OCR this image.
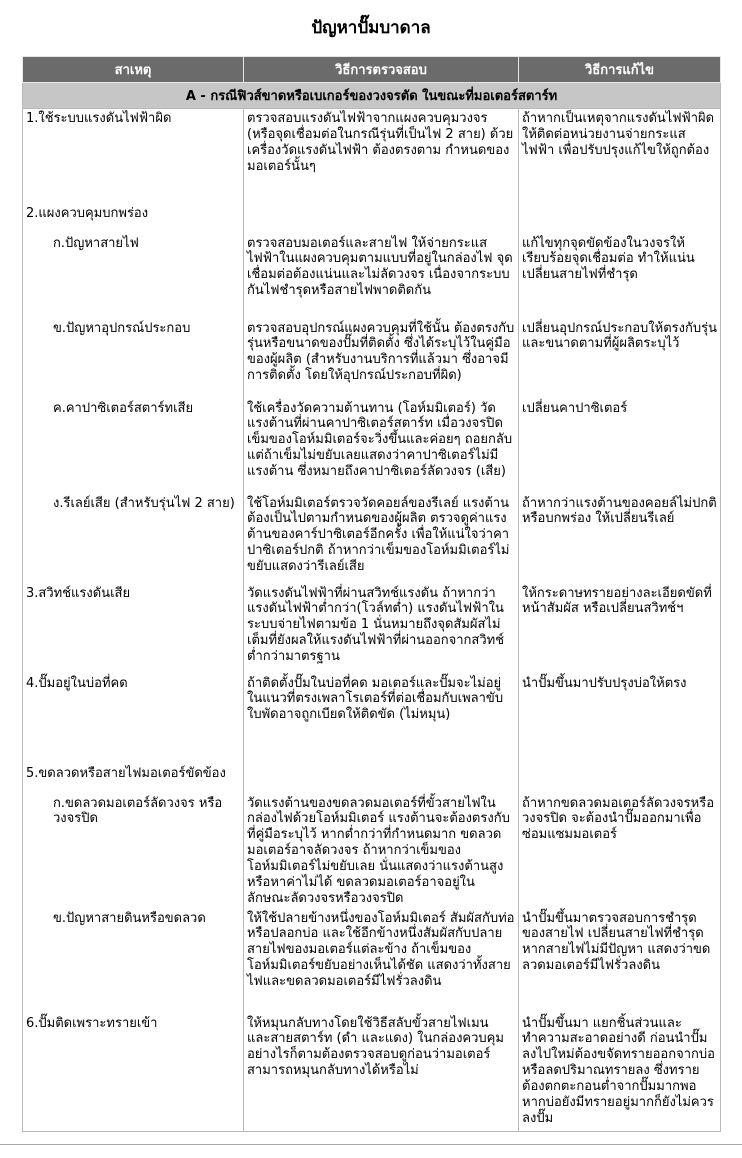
ปัญหาปั๊มบาดาล
สาเหตุ	วิธีการตรวจสอบ	วิธีการแก้ไข
A - กรณีฟิวส์ขาดหรือเบเกอร์ของวงจรตัด ในขณะที่มอเตอร์สตาร์ท		
1.ใช้ระบบแรงดันไฟฟ้าผิด	ตรวจสอบแรงดันไฟฟ้าจากแผงควบคุมวงจร (หรือจุดเชื่อมต่อในกรณีรุ่นที่เป็นไฟ 2 สาย) ด้วยเครื่องวัดแรงดันไฟฟ้า ต้องตรงตาม กำหนดของมอเตอร์นั้นๆ	ถ้าหากเป็นเหตุจากแรงดันไฟฟ้าผิด ให้ติดต่อหน่วยงานจ่ายกระแสไฟฟ้า เพื่อปรับปรุงแก้ไขให้ถูกต้อง
2.แผงควบคุมบกพร่อง		
ก.ปัญหาสายไฟ	ตรวจสอบมอเตอร์และสายไฟ ให้จ่ายกระแสไฟฟ้าในแผงควบคุมตามแบบที่อยู่ในกล่องไฟ จุดเชื่อมต่อต้องแน่นและไม่ลัดวงจร เนื่องจากระบบกันไฟชำรุดหรือสายไฟพาดติดกัน	แก้ไขทุกจุดขัดข้องในวงจรให้เรียบร้อยจุดเชื่อมต่อ ทำให้แน่น เปลี่ยนสายไฟที่ชำรุด
ข.ปัญหาอุปกรณ์ประกอบ	ตรวจสอบอุปกรณ์แผงควบคุมที่ใช้นั้น ต้องตรงกับรุ่นหรือขนาดของปั๊มที่ติดตั้ง ซึ่งได้ระบุไว้ในคู่มือของผู้ผลิต (สำหรับงานบริการที่แล้วมา ซึ่งอาจมีการติดตั้ง โดยให้อุปกรณ์ประกอบที่ผิด)	เปลี่ยนอุปกรณ์ประกอบให้ตรงกับรุ่น และขนาดตามที่ผู้ผลิตระบุไว้
ค.คาปาซิเตอร์สตาร์ทเสีย	ใช้เครื่องวัดความต้านทาน (โอห์มมิเตอร์) วัดแรงต้านที่ผ่านคาปาซิเตอร์สตาร์ท เมื่อวงจรปิดเข็มของโอห์มมิเตอร์จะวิ่งขึ้นและค่อยๆ ถอยกลับ แต่ถ้าเข็มไม่ขยับเลยแสดงว่าคาปาซิเตอร์ไม่มีแรงต้าน ซึ่งหมายถึงคาปาซิเตอร์ลัดวงจร (เสีย)	เปลี่ยนคาปาซิเตอร์
ง.รีเลย์เสีย (สำหรับรุ่นไฟ 2 สาย)	ใช้โอห์มมิเตอร์ตรวจวัดคอยล์ของรีเลย์ แรงต้านต้องเป็นไปตามกำหนดของผู้ผลิต ตรวจดูค่าแรงต้านของคาร์ปาซิเตอร์อีกครั้ง เพื่อให้แน่ใจว่าคาปาซิเตอร์ปกติ ถ้าหากว่าเข็มของโอห์มมิเตอร์ไม่ขยับแสดงว่ารีเลย์เสีย	ถ้าหากว่าแรงต้านของคอยล์ไม่ปกติ หรือบกพร่อง ให้เปลี่ยนรีเลย์
3.สวิทช์แรงดันเสีย	วัดแรงดันไฟฟ้าที่ผ่านสวิทช์แรงดัน ถ้าหากว่าแรงดันไฟฟ้าต่ำกว่า(โวล์ทต่ำ) แรงดันไฟฟ้าในระบบจ่ายไฟตามข้อ 1 นั่นหมายถึงจุดสัมผัสไม่เต็มที่ยังผลให้แรงดันไฟฟ้าที่ผ่านออกจากสวิทช์ต่ำกว่ามาตรฐาน	ให้กระดาษทรายอย่างละเอียดขัดที่หน้าสัมผัส หรือเปลี่ยนสวิทช์ฯ
4.ปั๊มอยู่ในบ่อที่คด	ถ้าติดตั้งปั๊มในบ่อที่คด มอเตอร์และปั๊มจะไม่อยู่ในแนวที่ตรงเพลาโรเตอร์ที่ต่อเชื่อมกับเพลาขับใบพัดอาจถูกเบียดให้ติดขัด (ไม่หมุน)	นำปั๊มขึ้นมาปรับปรุงบ่อให้ตรง
5.ขดลวดหรือสายไฟมอเตอร์ขัดข้อง		
ก.ขดลวดมอเตอร์ลัดวงจร หรือวงจรปิด	วัดแรงต้านของขดลวดมอเตอร์ที่ขั้วสายไฟในกล่องไฟด้วยโอห์มมิเตอร์ แรงต้านจะต้องตรงกับที่คู่มือระบุไว้ หากต่ำกว่าที่กำหนดมาก ขดลวดมอเตอร์อาจลัดวงจร ถ้าหากว่าเข็มของโอห์มมิเตอร์ไม่ขยับเลย นั่นแสดงว่าแรงต้านสูงหรือหาค่าไม่ได้ ขดลวดมอเตอร์อาจอยู่ในลักษณะลัดวงจรหรือวงจรปิด	ถ้าหากขดลวดมอเตอร์ลัดวงจรหรือวงจรปิด จะต้องนำปั๊มออกมาเพื่อซ่อมแซมมอเตอร์
ข.ปัญหาสายดินหรือขดลวด	ให้ใช้ปลายข้างหนึ่งของโอห์มมิเตอร์ สัมผัสกับท่อหรือปลอกบ่อ และใช้อีกข้างหนึ่งสัมผัสกับปลายสายไฟของมอเตอร์แต่ละข้าง ถ้าเข็มของโอห์มมิเตอร์ขยับอย่างเห็นได้ชัด แสดงว่าทั้งสายไฟและขดลวดมอเตอร์มีไฟรั่วลงดิน	นำปั๊มขึ้นมาตรวจสอบการชำรุดของสายไฟ เปลี่ยนสายไฟที่ชำรุด หากสายไฟไม่มีปัญหา แสดงว่าขดลวดมอเตอร์มีไฟรั่วลงดิน
6.ปั๊มติดเพราะทรายเข้า	ให้หมุนกลับทางโดยใช้วิธีสลับขั้วสายไฟเมน และสายสตาร์ท (ดำ และแดง) ในกล่องควบคุม อย่างไรก็ตามต้องตรวจสอบดูก่อนว่ามอเตอร์สามารถหมุนกลับทางได้หรือไม่	นำปั๊มขึ้นมา แยกชิ้นส่วนและทำความสะอาดอย่างดี ก่อนนำปั๊มลงไปใหม่ต้องขจัดทรายออกจากบ่อ หรือลดปริมาณทรายลง ซึ่งทรายต้องตกตะกอนต่ำจากปั๊มมากพอ หากบ่อยังมีทรายอยู่มากก็ยังไม่ควรลงปั๊ม
